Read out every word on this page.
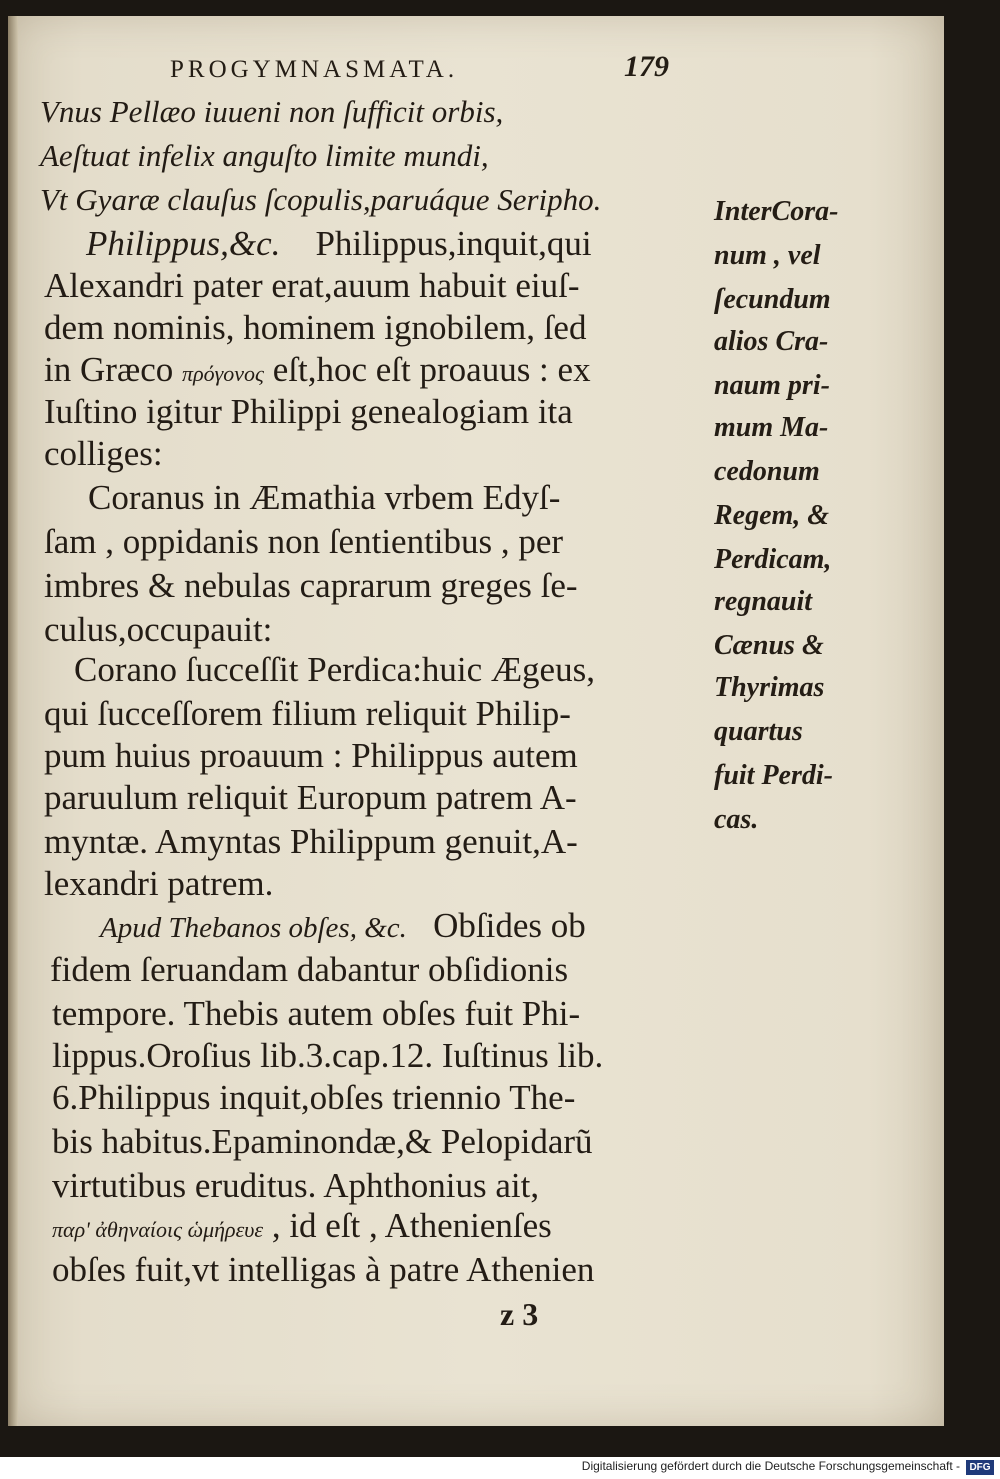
PROGYMNASMATA.	179
Vnus Pellæo iuueni non ſufficit orbis,
Aeſtuat infelix anguſto limite mundi,
Vt Gyaræ clauſus ſcopulis,paruáque Seripho.
Philippus,&c. Philippus,inquit,qui
Alexandri pater erat,auum habuit eiuſ-
dem nominis, hominem ignobilem, ſed
in Græco πρόγονος eſt,hoc eſt proauus : ex
Iuſtino igitur Philippi genealogiam ita
colliges:
Coranus in Æmathia vrbem Edyſ-
ſam , oppidanis non ſentientibus , per
imbres & nebulas caprarum greges ſe-
culus,occupauit:
Corano ſucceſſit Perdica:huic Ægeus,
qui ſucceſſorem filium reliquit Philip-
pum huius proauum : Philippus autem
paruulum reliquit Europum patrem A-
myntæ. Amyntas Philippum genuit,A-
lexandri patrem.
Apud Thebanos obſes, &c. Obſides ob
fidem ſeruandam dabantur obſidionis
tempore. Thebis autem obſes fuit Phi-
lippus.Oroſius lib.3.cap.12. Iuſtinus lib.
6.Philippus inquit,obſes triennio The-
bis habitus.Epaminondæ,& Pelopidarũ
virtutibus eruditus. Aphthonius ait,
παρ' ἀθηναίοις ὡμήρευε , id eſt , Athenienſes
obſes fuit,vt intelligas à patre Athenien
InterCora-
num , vel
ſecundum
alios Cra-
naum pri-
mum Ma-
cedonum
Regem, &
Perdicam,
regnauit
Cænus &
Thyrimas
quartus
fuit Perdi-
cas.
z 3
Digitalisierung gefördert durch die Deutsche Forschungsgemeinschaft - DFG
